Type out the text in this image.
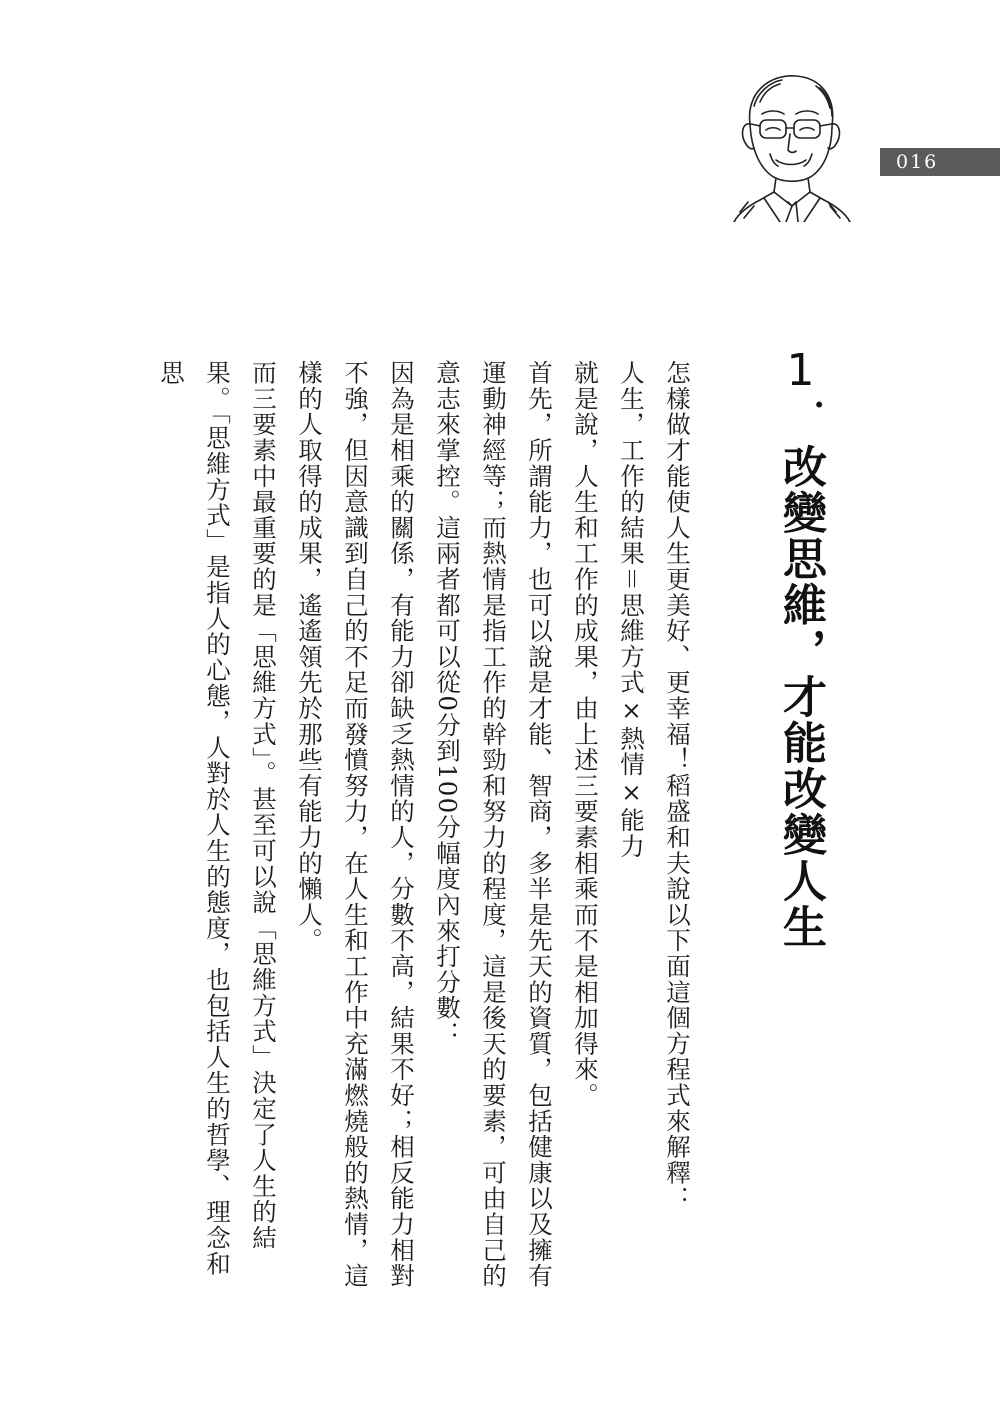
016
1．改變思維，才能改變人生

怎樣做才能使人生更美好、更幸福！稻盛和夫說以下面這個方程式來解釋：

人生，工作的結果＝思維方式×熱情×能力

就是說，人生和工作的成果，由上述三要素相乘而不是相加得來。

首先，所謂能力，也可以說是才能、智商，多半是先天的資質，包括健康以及擁有運動神經等；而熱情是指工作的幹勁和努力的程度，這是後天的要素，可由自己的意志來掌控。這兩者都可以從0分到100分幅度內來打分數：

因為是相乘的關係，有能力卻缺乏熱情的人，分數不高，結果不好；相反能力相對不強，但因意識到自己的不足而發憤努力，在人生和工作中充滿燃燒般的熱情，這樣的人取得的成果，遙遙領先於那些有能力的懶人。

而三要素中最重要的是「思維方式」。甚至可以說「思維方式」決定了人生的結果。「思維方式」是指人的心態，人對於人生的態度，也包括人生的哲學、理念和思
